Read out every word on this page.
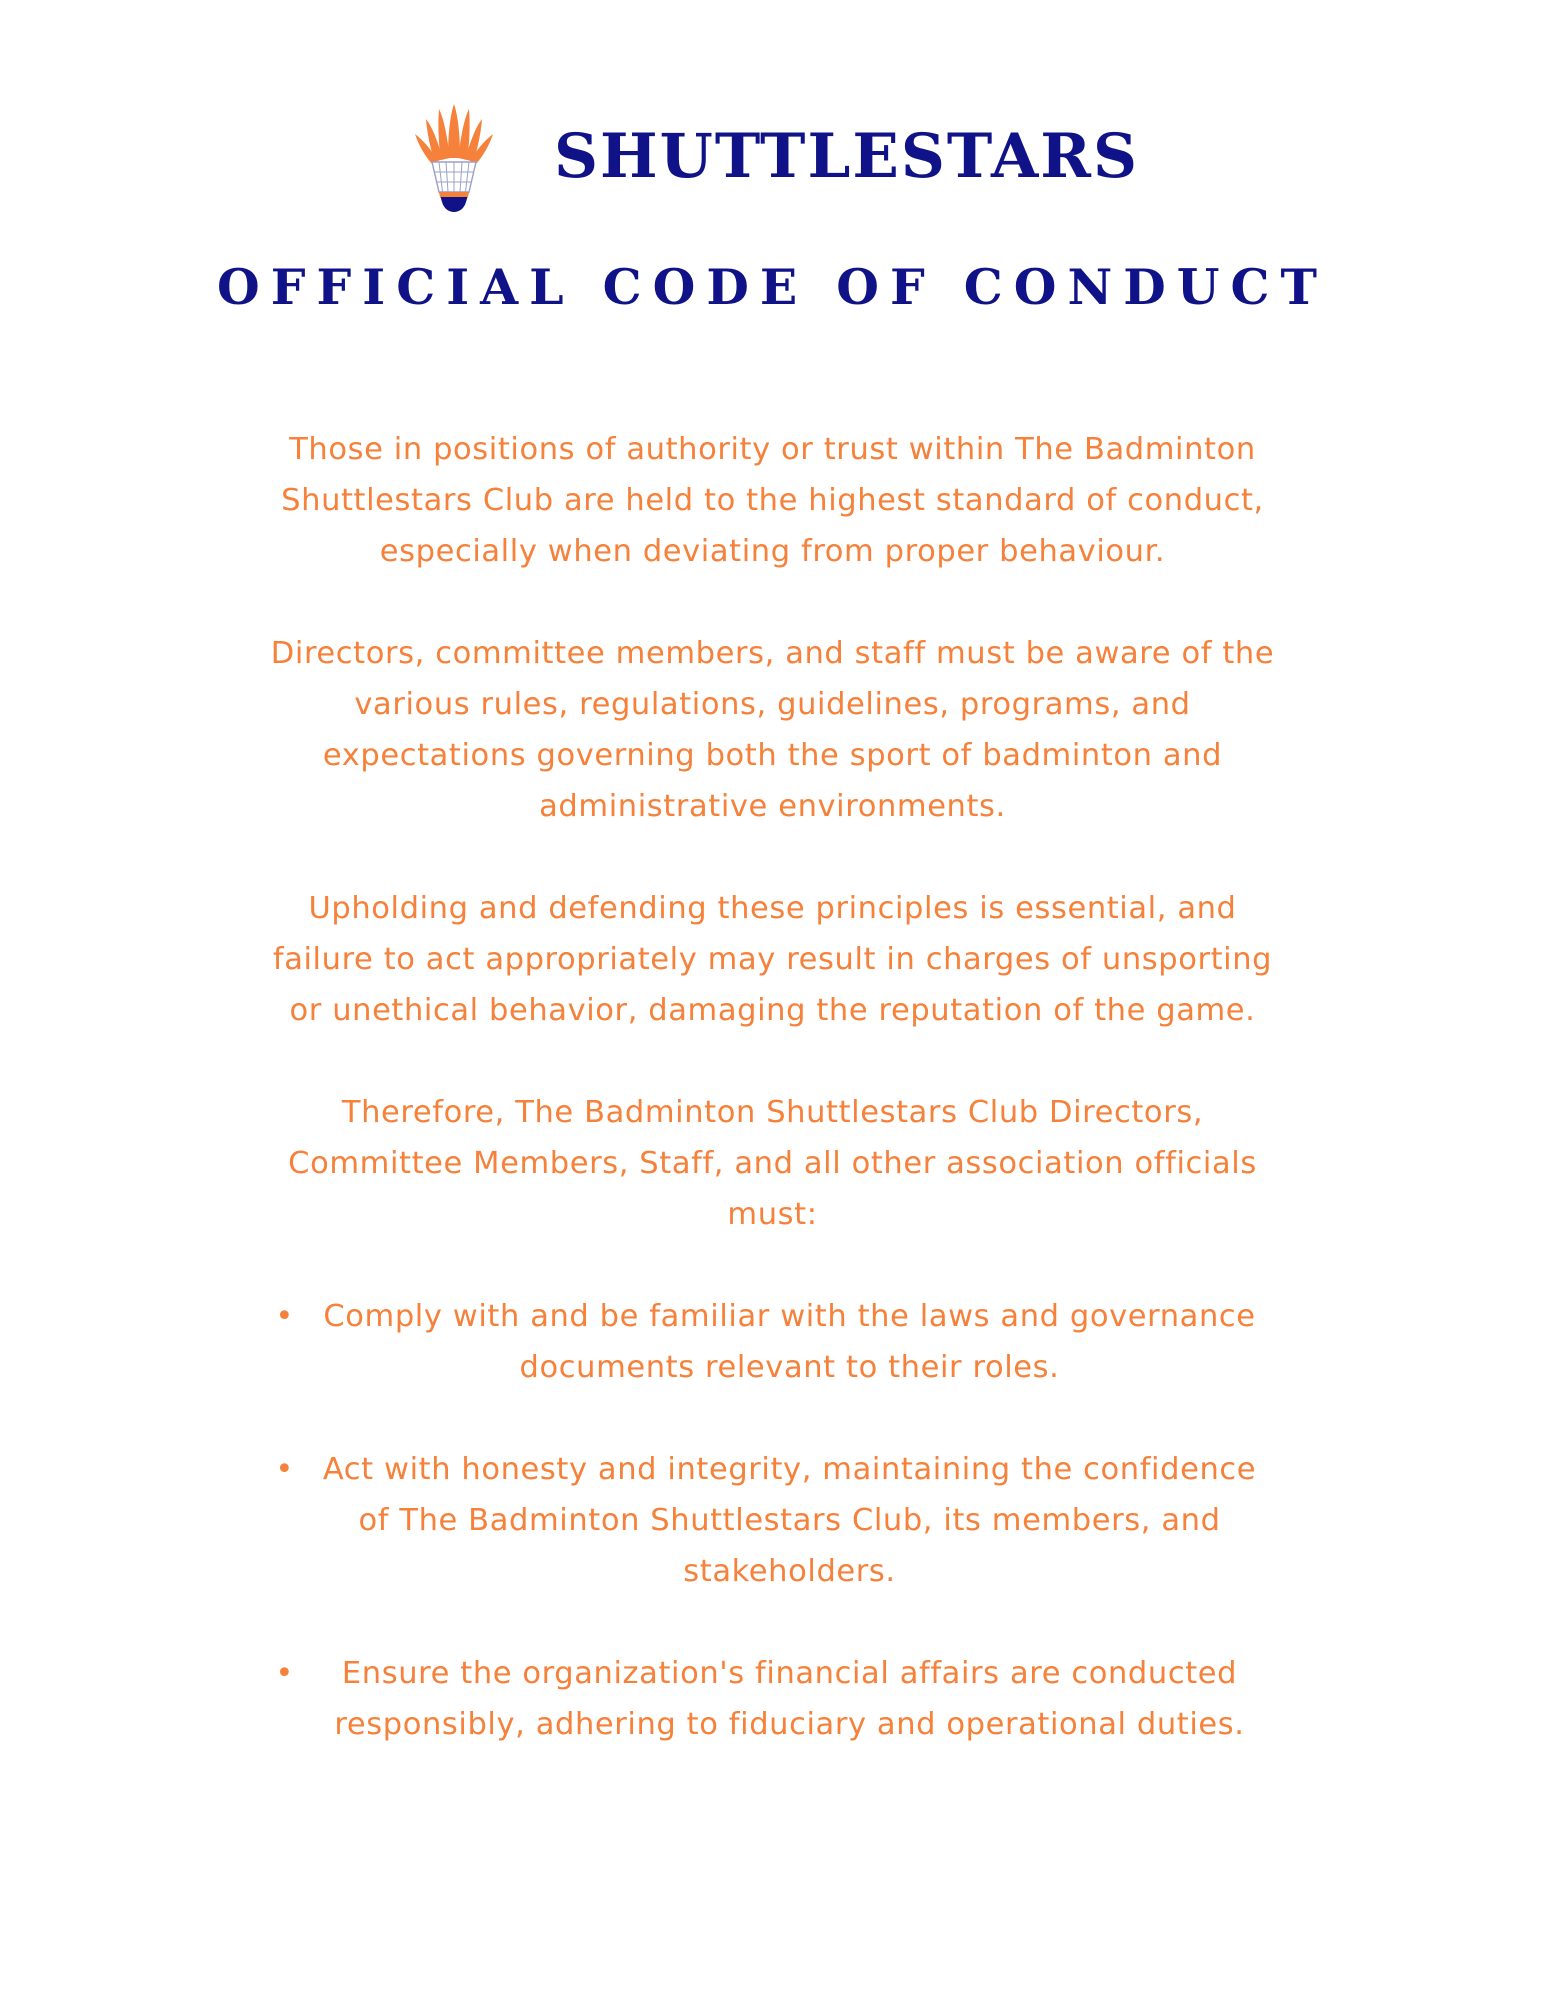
SHUTTLESTARS
OFFICIAL CODE OF CONDUCT

Those in positions of authority or trust within The Badminton Shuttlestars Club are held to the highest standard of conduct, especially when deviating from proper behaviour.

Directors, committee members, and staff must be aware of the various rules, regulations, guidelines, programs, and expectations governing both the sport of badminton and administrative environments.

Upholding and defending these principles is essential, and failure to act appropriately may result in charges of unsporting or unethical behavior, damaging the reputation of the game.

Therefore, The Badminton Shuttlestars Club Directors, Committee Members, Staff, and all other association officials must:

• Comply with and be familiar with the laws and governance documents relevant to their roles.
• Act with honesty and integrity, maintaining the confidence of The Badminton Shuttlestars Club, its members, and stakeholders.
• Ensure the organization's financial affairs are conducted responsibly, adhering to fiduciary and operational duties.
